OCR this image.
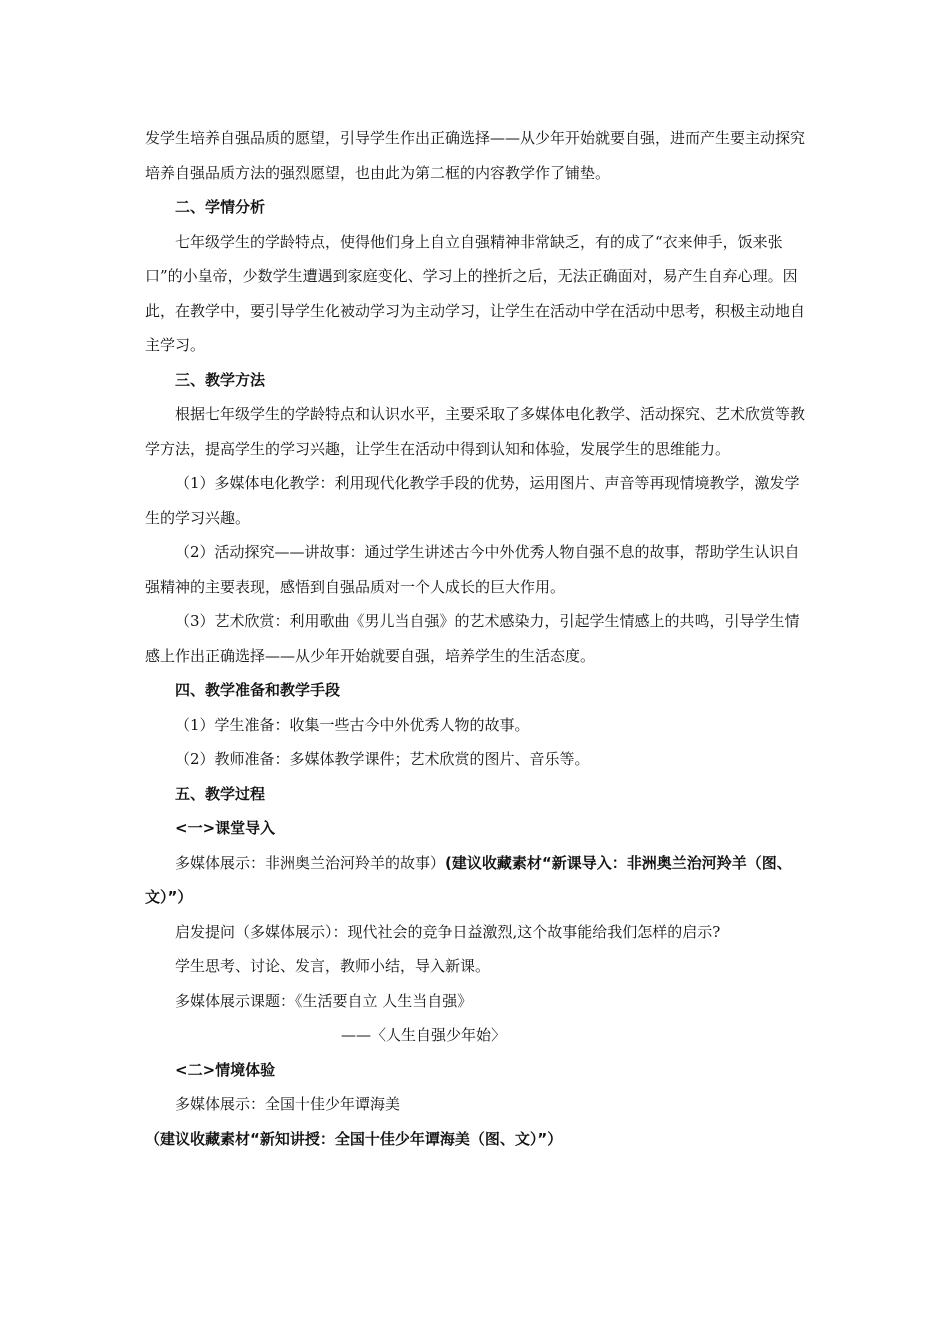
发学生培养自强品质的愿望，引导学生作出正确选择——从少年开始就要自强，进而产生要主动探究培养自强品质方法的强烈愿望，也由此为第二框的内容教学作了铺垫。

二、学情分析

七年级学生的学龄特点，使得他们身上自立自强精神非常缺乏，有的成了“衣来伸手，饭来张口”的小皇帝，少数学生遭遇到家庭变化、学习上的挫折之后，无法正确面对，易产生自弃心理。因此，在教学中，要引导学生化被动学习为主动学习，让学生在活动中学在活动中思考，积极主动地自主学习。

三、教学方法

根据七年级学生的学龄特点和认识水平，主要采取了多媒体电化教学、活动探究、艺术欣赏等教学方法，提高学生的学习兴趣，让学生在活动中得到认知和体验，发展学生的思维能力。

（1）多媒体电化教学：利用现代化教学手段的优势，运用图片、声音等再现情境教学，激发学生的学习兴趣。

（2）活动探究——讲故事：通过学生讲述古今中外优秀人物自强不息的故事，帮助学生认识自强精神的主要表现，感悟到自强品质对一个人成长的巨大作用。

（3）艺术欣赏：利用歌曲《男儿当自强》的艺术感染力，引起学生情感上的共鸣，引导学生情感上作出正确选择——从少年开始就要自强，培养学生的生活态度。

四、教学准备和教学手段

（1）学生准备：收集一些古今中外优秀人物的故事。

（2）教师准备：多媒体教学课件；艺术欣赏的图片、音乐等。

五、教学过程

<一>课堂导入

多媒体展示：非洲奥兰治河羚羊的故事）(建议收藏素材“新课导入：非洲奥兰治河羚羊（图、文）”）

启发提问（多媒体展示）：现代社会的竞争日益激烈,这个故事能给我们怎样的启示?

学生思考、讨论、发言，教师小结，导入新课。

多媒体展示课题：《生活要自立 人生当自强》

——〈人生自强少年始〉

<二>情境体验

多媒体展示：全国十佳少年谭海美（建议收藏素材“新知讲授：全国十佳少年谭海美（图、文）”）
